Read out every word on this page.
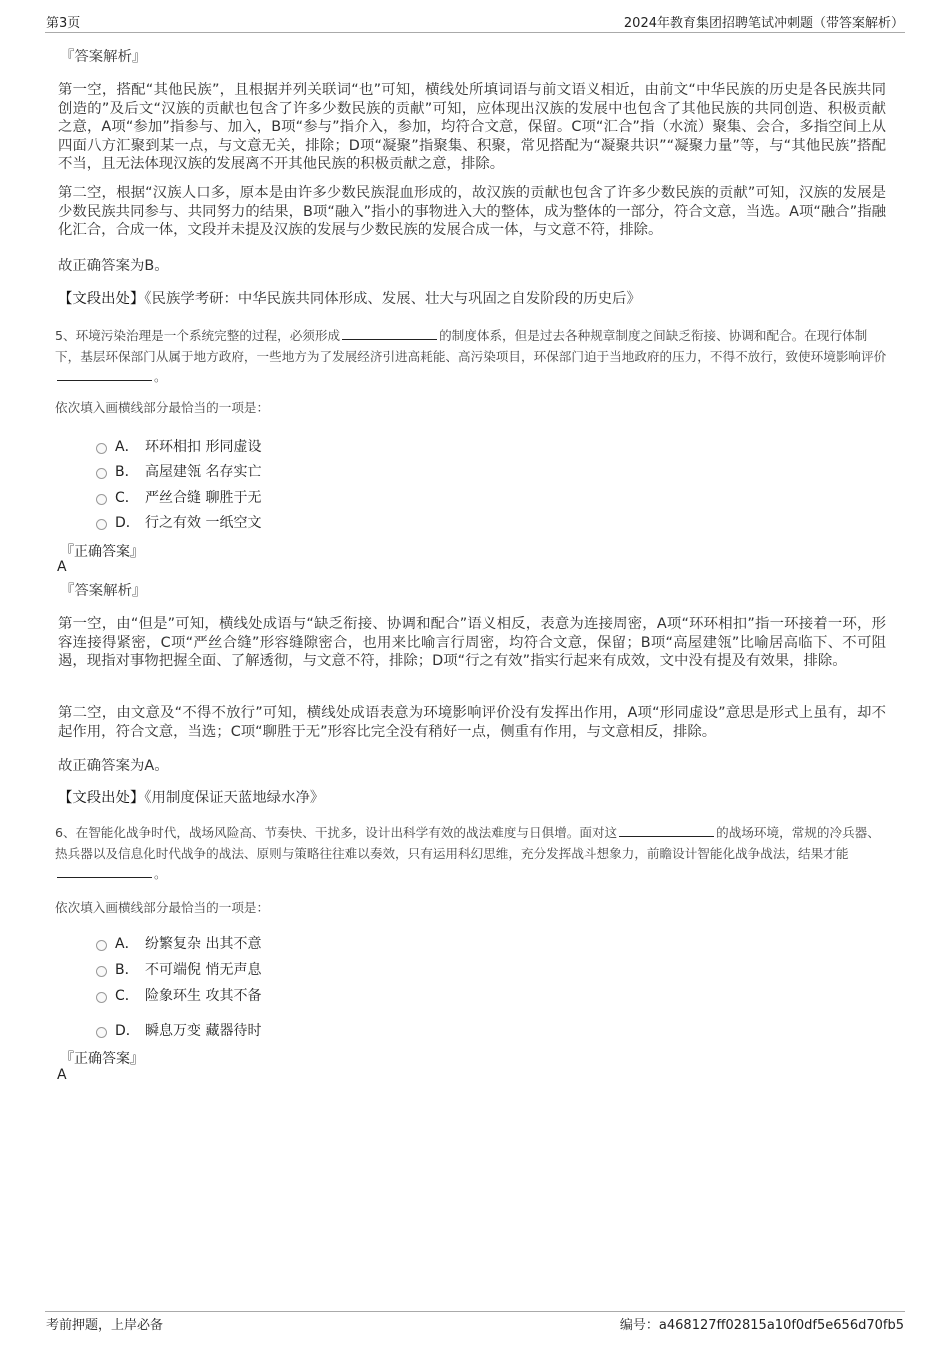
第3页	2024年教育集团招聘笔试冲刺题（带答案解析）
『答案解析』
第一空，搭配“其他民族”，且根据并列关联词“也”可知，横线处所填词语与前文语义相近，由前文“中华民族的历史是各民族共同创造的”及后文“汉族的贡献也包含了许多少数民族的贡献”可知，应体现出汉族的发展中也包含了其他民族的共同创造、积极贡献之意，A项“参加”指参与、加入，B项“参与”指介入，参加，均符合文意，保留。C项“汇合”指（水流）聚集、会合，多指空间上从四面八方汇聚到某一点，与文意无关，排除；D项“凝聚”指聚集、积聚，常见搭配为“凝聚共识”“凝聚力量”等，与“其他民族”搭配不当，且无法体现汉族的发展离不开其他民族的积极贡献之意，排除。
第二空，根据“汉族人口多，原本是由许多少数民族混血形成的，故汉族的贡献也包含了许多少数民族的贡献”可知，汉族的发展是少数民族共同参与、共同努力的结果，B项“融入”指小的事物进入大的整体，成为整体的一部分，符合文意，当选。A项“融合”指融化汇合，合成一体，文段并未提及汉族的发展与少数民族的发展合成一体，与文意不符，排除。
故正确答案为B。
【文段出处】《民族学考研：中华民族共同体形成、发展、壮大与巩固之自发阶段的历史后》
5、环境污染治理是一个系统完整的过程，必须形成	的制度体系，但是过去各种规章制度之间缺乏衔接、协调和配合。在现行体制下，基层环保部门从属于地方政府，一些地方为了发展经济引进高耗能、高污染项目，环保部门迫于当地政府的压力，不得不放行，致使环境影响评价。
依次填入画横线部分最恰当的一项是：
A． 环环相扣 形同虚设
B． 高屋建瓴 名存实亡
C． 严丝合缝 聊胜于无
D． 行之有效 一纸空文
『正确答案』
A
『答案解析』
第一空，由“但是”可知，横线处成语与“缺乏衔接、协调和配合”语义相反，表意为连接周密，A项“环环相扣”指一环接着一环，形容连接得紧密，C项“严丝合缝”形容缝隙密合，也用来比喻言行周密，均符合文意，保留；B项“高屋建瓴”比喻居高临下、不可阻遏，现指对事物把握全面、了解透彻，与文意不符，排除；D项“行之有效”指实行起来有成效，文中没有提及有效果，排除。
第二空，由文意及“不得不放行”可知，横线处成语表意为环境影响评价没有发挥出作用，A项“形同虚设”意思是形式上虽有，却不起作用，符合文意，当选；C项“聊胜于无”形容比完全没有稍好一点，侧重有作用，与文意相反，排除。
故正确答案为A。
【文段出处】《用制度保证天蓝地绿水净》
6、在智能化战争时代，战场风险高、节奏快、干扰多，设计出科学有效的战法难度与日俱增。面对这	的战场环境，常规的冷兵器、热兵器以及信息化时代战争的战法、原则与策略往往难以奏效，只有运用科幻思维，充分发挥战斗想象力，前瞻设计智能化战争战法，结果才能。
依次填入画横线部分最恰当的一项是：
A． 纷繁复杂 出其不意
B． 不可端倪 悄无声息
C． 险象环生 攻其不备
D． 瞬息万变 藏器待时
『正确答案』
A
考前押题，上岸必备	编号：a468127ff02815a10f0df5e656d70fb5
